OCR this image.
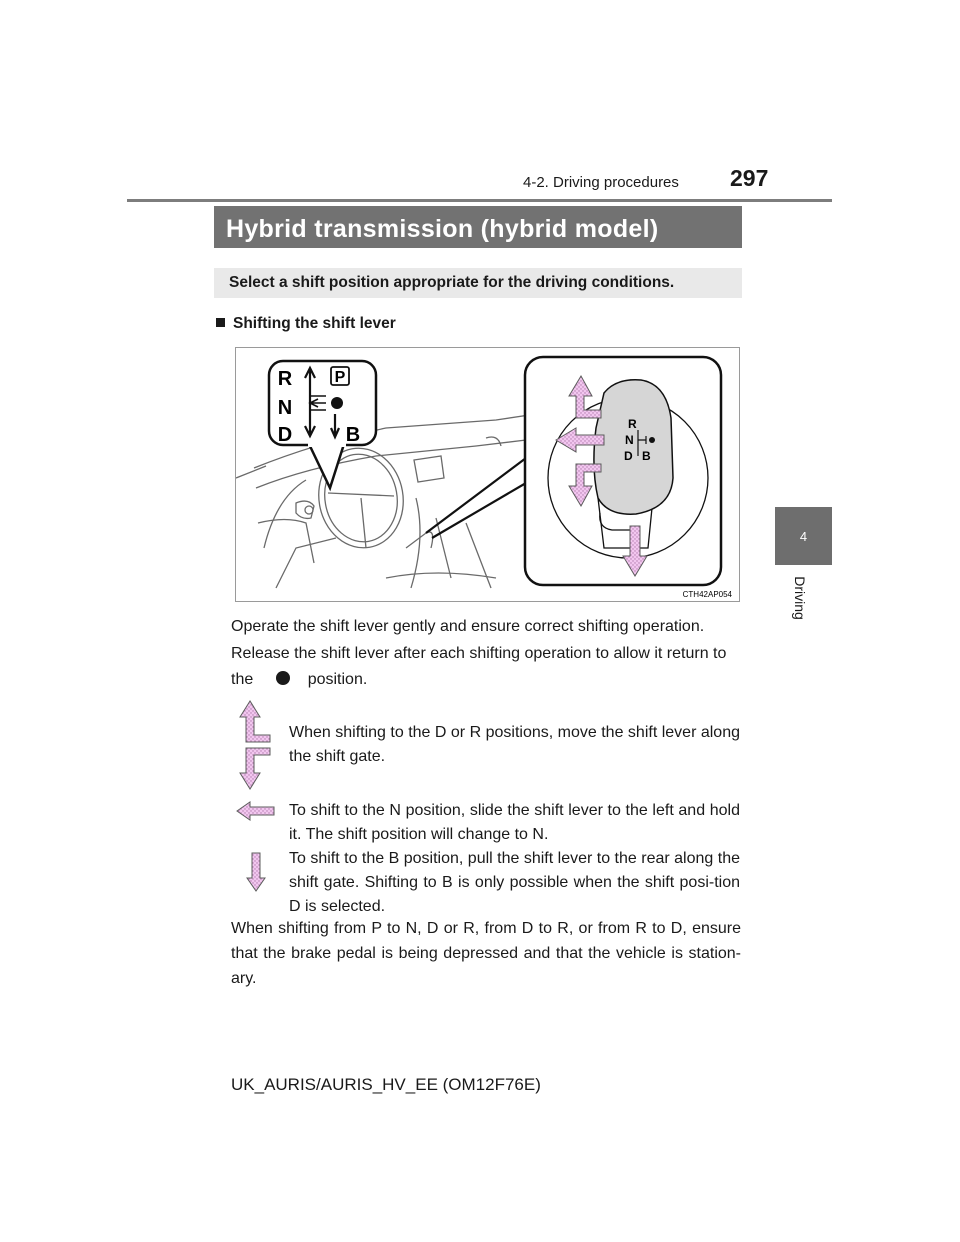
4-2. Driving procedures 297
4
Driving
Hybrid transmission (hybrid model)
Select a shift position appropriate for the driving conditions.
Shifting the shift lever
R	P
N
D	B	R
N
D B
CTH42AP054
Operate the shift lever gently and ensure correct shifting operation.
Release the shift lever after each shifting operation to allow it return to the	position.
When shifting to the D or R positions, move the shift lever along the shift gate.
To shift to the N position, slide the shift lever to the left and hold it. The shift position will change to N.
To shift to the B position, pull the shift lever to the rear along the shift gate. Shifting to B is only possible when the shift posi-tion D is selected.
When shifting from P to N, D or R, from D to R, or from R to D, ensure that the brake pedal is being depressed and that the vehicle is station-ary.
UK_AURIS/AURIS_HV_EE (OM12F76E)
